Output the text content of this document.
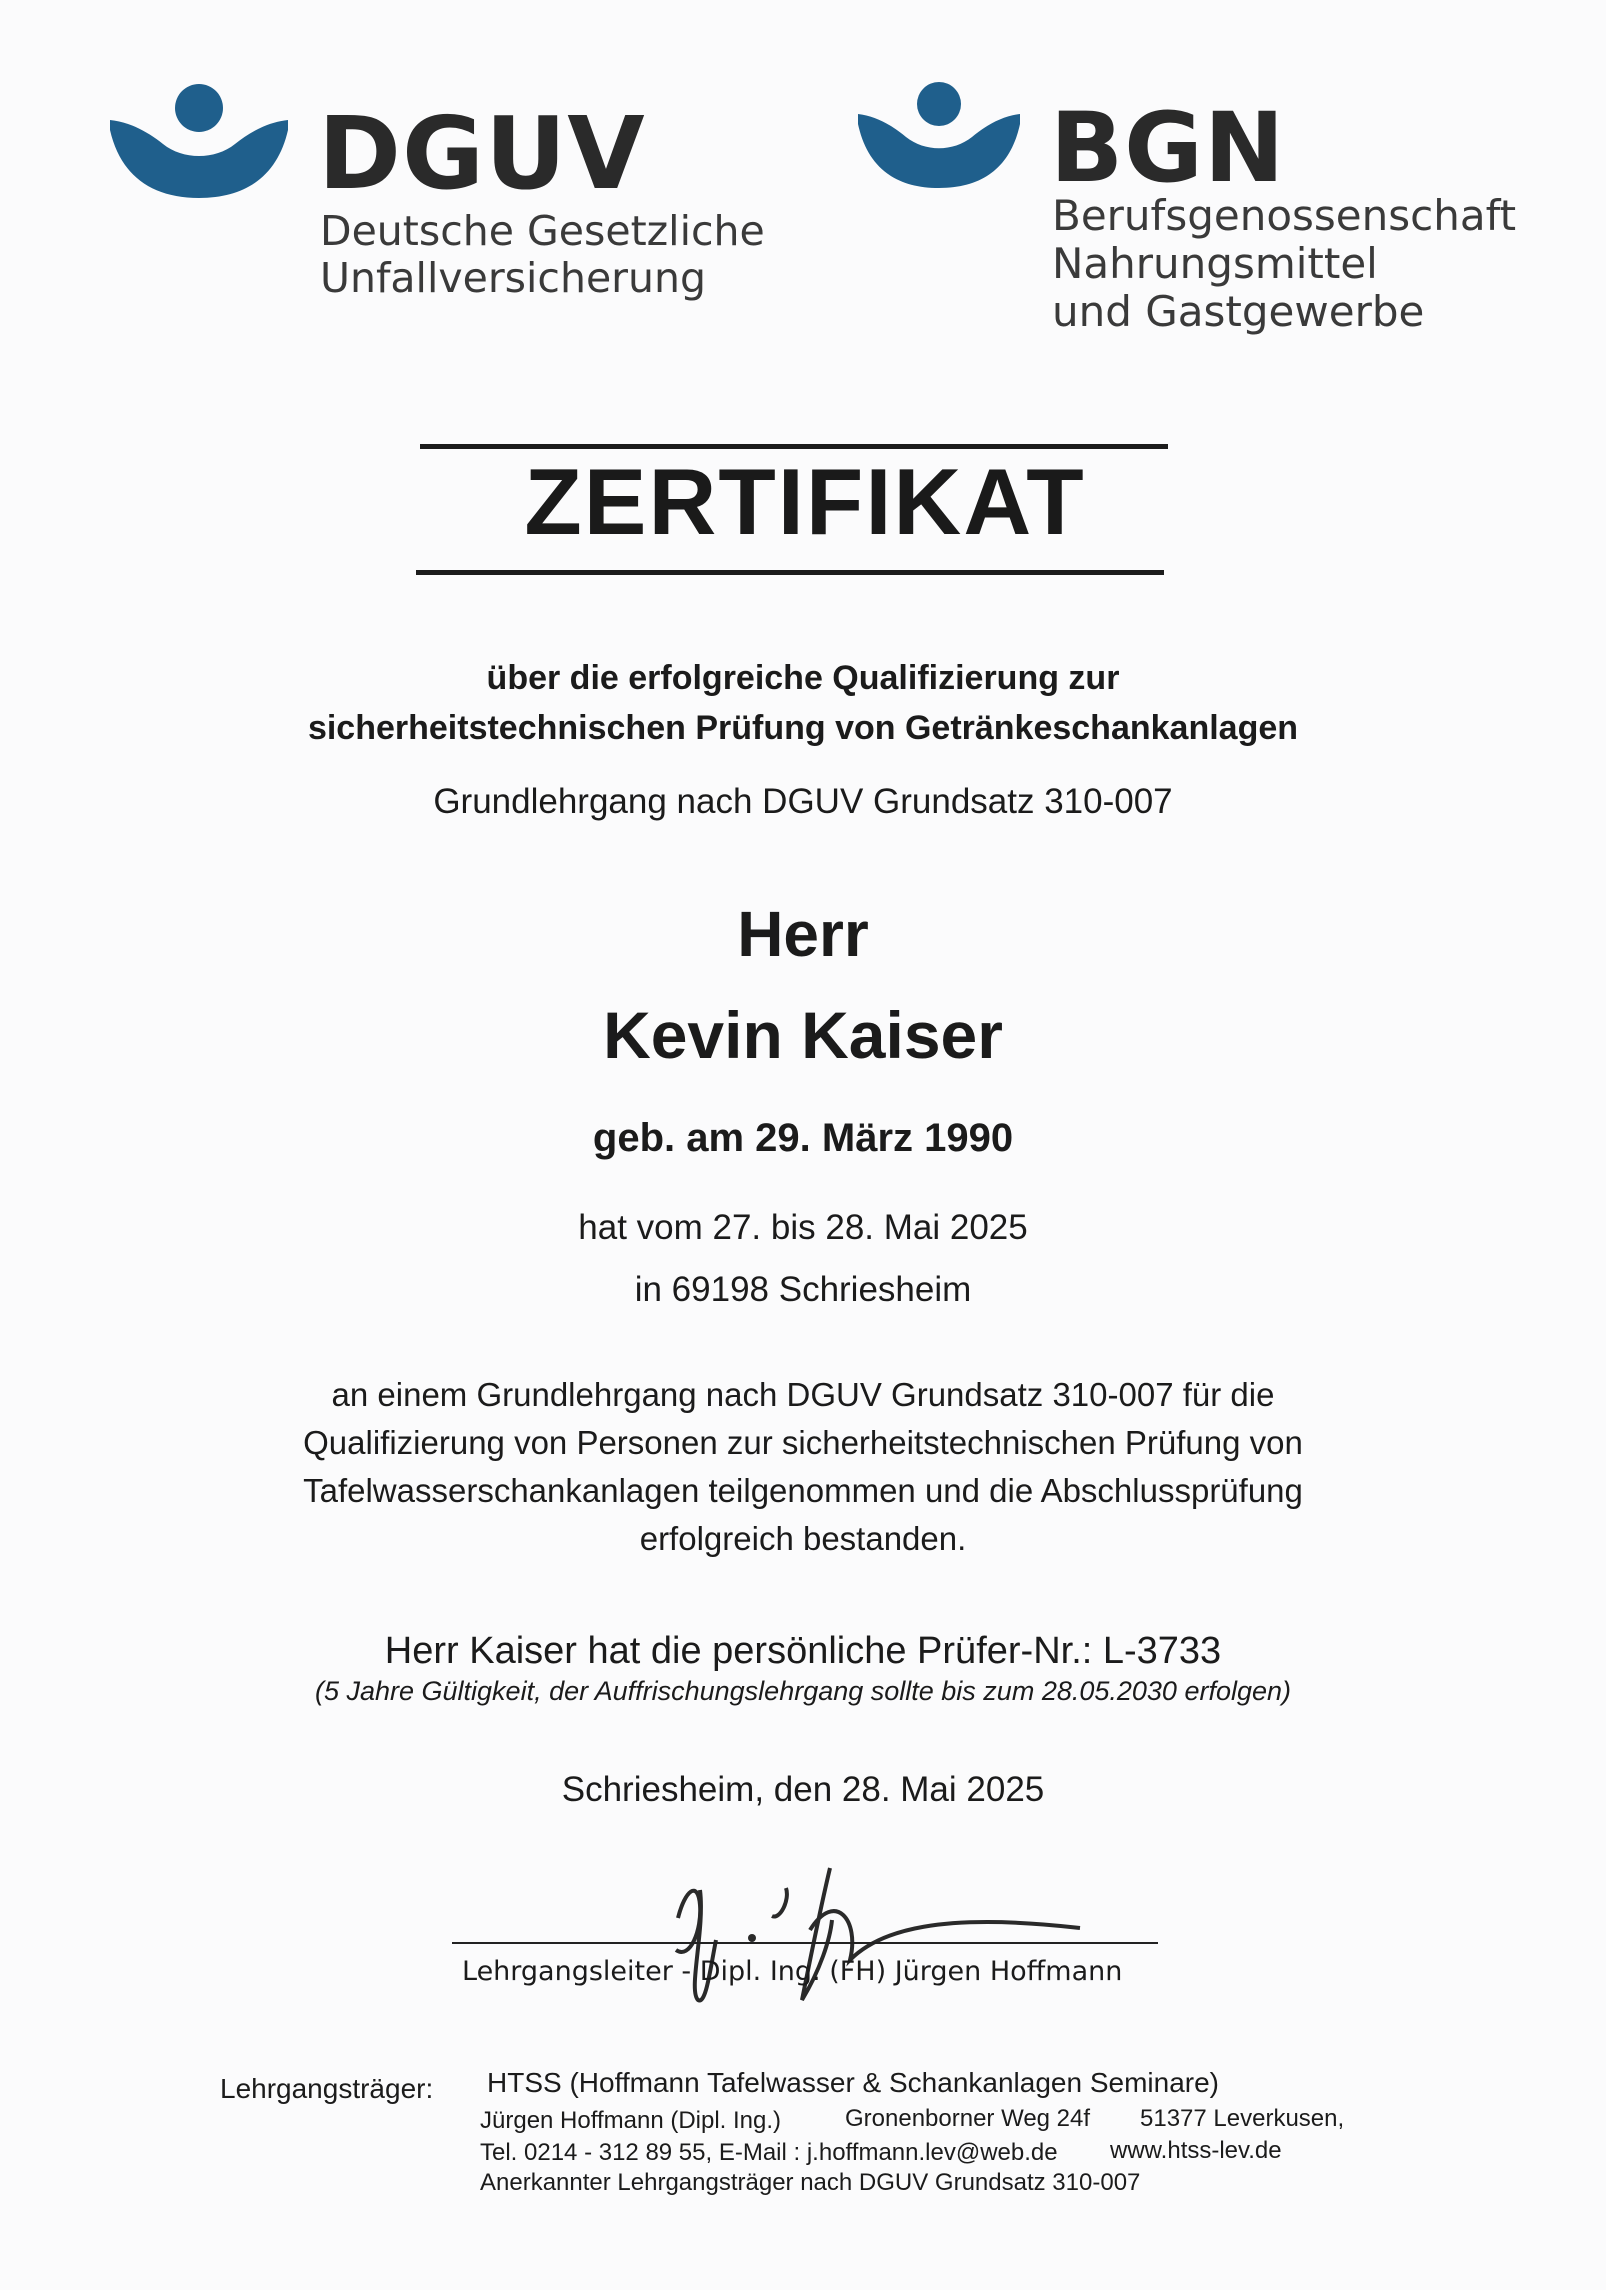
DGUV
Deutsche Gesetzliche
Unfallversicherung
BGN
Berufsgenossenschaft
Nahrungsmittel
und Gastgewerbe
ZERTIFIKAT
über die erfolgreiche Qualifizierung zur
sicherheitstechnischen Prüfung von Getränkeschankanlagen
Grundlehrgang nach DGUV Grundsatz 310-007
Herr
Kevin Kaiser
geb. am 29. März 1990
hat vom 27. bis 28. Mai 2025
in 69198 Schriesheim
an einem Grundlehrgang nach DGUV Grundsatz 310-007 für die
Qualifizierung von Personen zur sicherheitstechnischen Prüfung von
Tafelwasserschankanlagen teilgenommen und die Abschlussprüfung
erfolgreich bestanden.
Herr Kaiser hat die persönliche Prüfer-Nr.: L-3733
(5 Jahre Gültigkeit, der Auffrischungslehrgang sollte bis zum 28.05.2030 erfolgen)
Schriesheim, den 28. Mai 2025
Lehrgangsleiter - Dipl. Ing. (FH) Jürgen Hoffmann
Lehrgangsträger: HTSS (Hoffmann Tafelwasser & Schankanlagen Seminare)
Jürgen Hoffmann (Dipl. Ing.)	Gronenborner Weg 24f 51377 Leverkusen,
Tel. 0214 - 312 89 55, E-Mail : j.hoffmann.lev@web.de www.htss-lev.de
Anerkannter Lehrgangsträger nach DGUV Grundsatz 310-007
